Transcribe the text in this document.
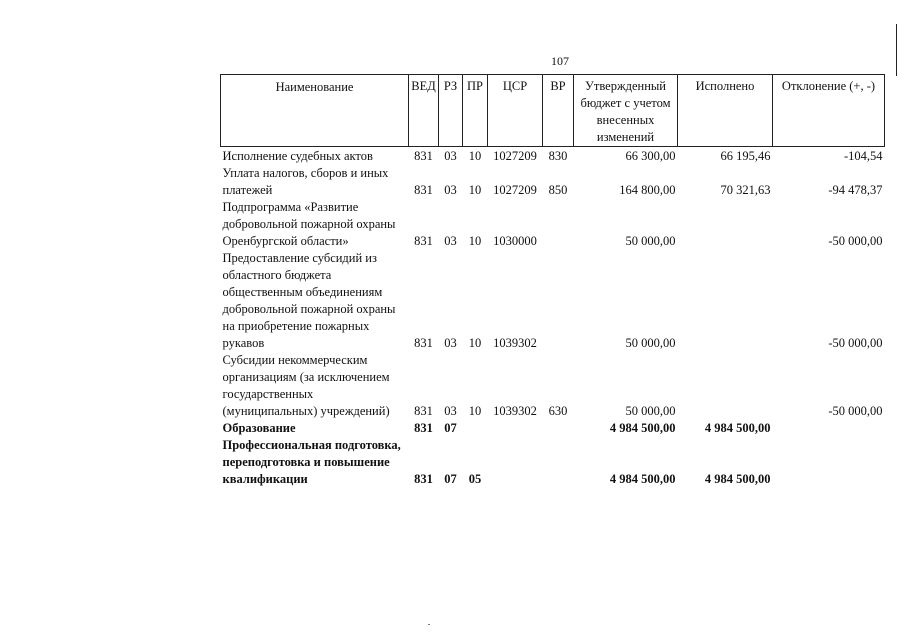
107
Наименование	ВЕД	РЗ	ПР	ЦСР	ВР	Утвержденный бюджет с учетом внесенных изменений	Исполнено	Отклонение (+, -)
Исполнение судебных актов	831	03	10	1027209	830	66 300,00	66 195,46	-104,54
Уплата налогов, сборов и иных платежей	831	03	10	1027209	850	164 800,00	70 321,63	-94 478,37
Подпрограмма «Развитие добровольной пожарной охраны Оренбургской области»	831	03	10	1030000		50 000,00		-50 000,00
Предоставление субсидий из областного бюджета общественным объединениям добровольной пожарной охраны на приобретение пожарных рукавов	831	03	10	1039302		50 000,00		-50 000,00
Субсидии некоммерческим организациям (за исключением государственных (муниципальных) учреждений)	831	03	10	1039302	630	50 000,00		-50 000,00
Образование	831	07				4 984 500,00	4 984 500,00	
Профессиональная подготовка, переподготовка и повышение квалификации	831	07	05			4 984 500,00	4 984 500,00	
